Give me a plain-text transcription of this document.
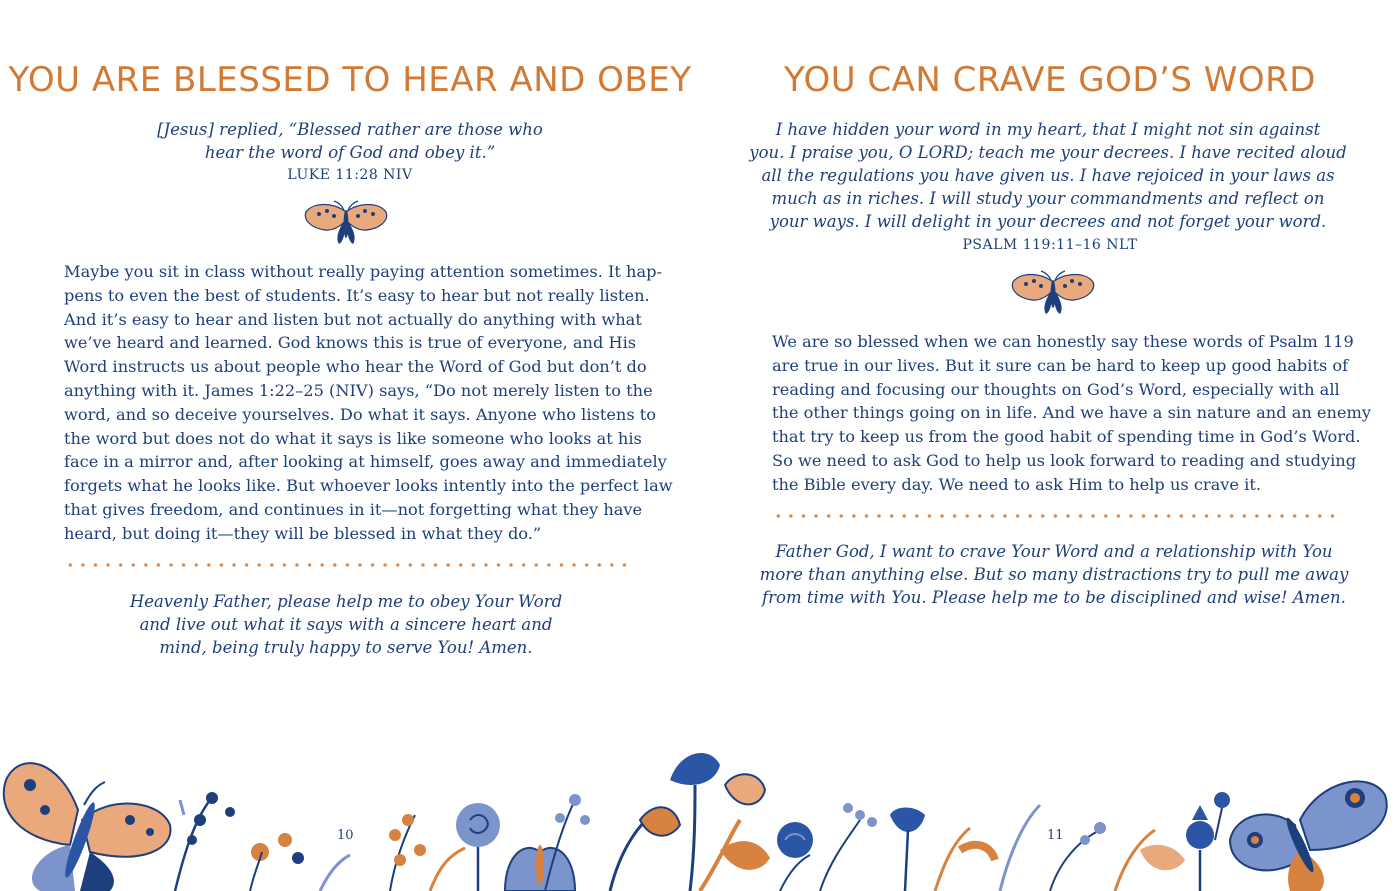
YOU ARE BLESSED TO HEAR AND OBEY

[Jesus] replied, “Blessed rather are those who
hear the word of God and obey it.”

LUKE 11:28 NIV

Maybe you sit in class without really paying attention sometimes. It hap-
pens to even the best of students. It’s easy to hear but not really listen.
And it’s easy to hear and listen but not actually do anything with what
we’ve heard and learned. God knows this is true of everyone, and His
Word instructs us about people who hear the Word of God but don’t do
anything with it. James 1:22–25 (NIV) says, “Do not merely listen to the
word, and so deceive yourselves. Do what it says. Anyone who listens to
the word but does not do what it says is like someone who looks at his
face in a mirror and, after looking at himself, goes away and immediately
forgets what he looks like. But whoever looks intently into the perfect law
that gives freedom, and continues in it—not forgetting what they have
heard, but doing it—they will be blessed in what they do.”

Heavenly Father, please help me to obey Your Word
and live out what it says with a sincere heart and
mind, being truly happy to serve You! Amen.

10
YOU CAN CRAVE GOD’S WORD

I have hidden your word in my heart, that I might not sin against
you. I praise you, O LORD; teach me your decrees. I have recited aloud
all the regulations you have given us. I have rejoiced in your laws as
much as in riches. I will study your commandments and reflect on
your ways. I will delight in your decrees and not forget your word.

PSALM 119:11–16 NLT

We are so blessed when we can honestly say these words of Psalm 119
are true in our lives. But it sure can be hard to keep up good habits of
reading and focusing our thoughts on God’s Word, especially with all
the other things going on in life. And we have a sin nature and an enemy
that try to keep us from the good habit of spending time in God’s Word.
So we need to ask God to help us look forward to reading and studying
the Bible every day. We need to ask Him to help us crave it.

Father God, I want to crave Your Word and a relationship with You
more than anything else. But so many distractions try to pull me away
from time with You. Please help me to be disciplined and wise! Amen.

11
